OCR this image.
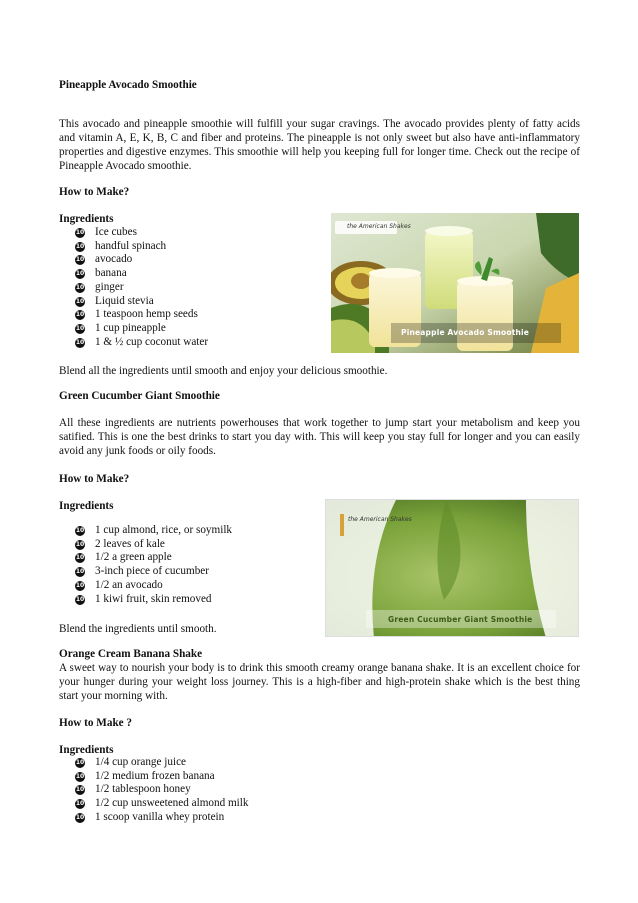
Pineapple Avocado Smoothie
This avocado and pineapple smoothie will fulfill your sugar cravings. The avocado provides plenty of fatty acids and vitamin A, E, K, B, C and fiber and proteins. The pineapple is not only sweet but also have anti-inflammatory properties and digestive enzymes. This smoothie will help you keeping full for longer time. Check out the recipe of Pineapple Avocado smoothie.
How to Make?
Ingredients
10 Ice cubes
10 handful spinach
10 avocado
10 banana
10 ginger
10 Liquid stevia
10 1 teaspoon hemp seeds
10 1 cup pineapple
10 1 & ½ cup coconut water
Blend all the ingredients until smooth and enjoy your delicious smoothie.
the American Shakes
Pineapple Avocado Smoothie
Green Cucumber Giant Smoothie
All these ingredients are nutrients powerhouses that work together to jump start your metabolism and keep you satified. This is one the best drinks to start you day with. This will keep you stay full for longer and you can easily avoid any junk foods or oily foods.
How to Make?
Ingredients
10 1 cup almond, rice, or soymilk
10 2 leaves of kale
10 1/2 a green apple
10 3-inch piece of cucumber
10 1/2 an avocado
10 1 kiwi fruit, skin removed
Blend the ingredients until smooth.
the American Shakes
Green Cucumber Giant Smoothie
Orange Cream Banana Shake
A sweet way to nourish your body is to drink this smooth creamy orange banana shake. It is an excellent choice for your hunger during your weight loss journey. This is a high-fiber and high-protein shake which is the best thing start your morning with.
How to Make ?
Ingredients
10 1/4 cup orange juice
10 1/2 medium frozen banana
10 1/2 tablespoon honey
10 1/2 cup unsweetened almond milk
10 1 scoop vanilla whey protein
